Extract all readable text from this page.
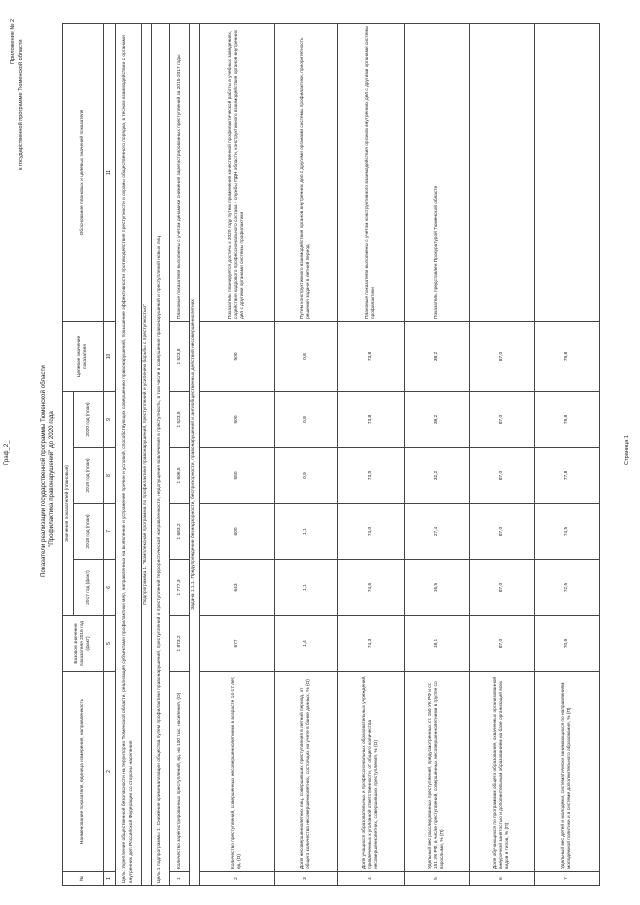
Граф_2_
Приложение № 2 к государственной программе Тюменской области
Показатели реализации государственной программы Тюменской области "Профилактика правонарушений" до 2020 года
№	Наименование показателя, единица измерения, направленность	Базовое значение показателя 2016 год (факт)	Значения показателей (плановые)				Целевое значение показателя	Обоснование плановых и целевых значений показателя
			2017 год (факт)	2018 год (план)	2019 год (план)	2020 год (план)		
1	2	5	6	7	8	9	10	11
Цель: Укрепление общественной безопасности на территории Тюменской области, реализация субъектами профилактики мер, направленных на выявление и устранение причин и условий, способствующих совершению правонарушений, повышение эффективности противодействия преступности и охраны общественного порядка, в тесном взаимодействии с органами внутренних дел Российской Федерации со стороны населения								
Подпрограмма 1. "Комплексная программа по профилактике правонарушений, преступлений и усилению борьбы с преступностью"								
Цель 1 подпрограммы 1. Снижение криминализации общества путем профилактики правонарушений, преступлений и преступлений террористической направленности, недопущения вовлечения в преступность, в том числе в совершение правонарушений и преступлений новых лиц								
1	Количество зарегистрированных преступлений, ед. на 100 тыс. населения, (О)	1 873,2	1 777,3	1 683,2	1 606,5	1 523,9	1 523,9	Плановые показатели выполнены с учетом динамики снижения зарегистрированных преступлений за 2015-2017 годы
Задача 1.1.1. Предупреждение безнадзорности, беспризорности, правонарушений и антиобщественных действий несовершеннолетних								
2	Количество преступлений, совершенных несовершеннолетними в возрасте 14-17 лет, ед. (О)	677	643	600	550	500	500	Показатель планируется достичь к 2020 году путем применения качественной профилактической работы в учебных заведениях, содействия кадрового профессионального состава - службы ПДН области, конструктивного взаимодействия органов внутренних дел с другими органами системы профилактики
3	Доля несовершеннолетних лиц, совершивших преступления в летний период, от общего количества несовершеннолетних, состоящих на учете в банке данных, % (О)	1,4	1,1	1,1	0,9	0,8	0,8	Путем конструктивного взаимодействия органов внутренних дел с другими органами системы профилактики, приоритетность решения задачи в летний период
4	Доля учащихся образовательных и профессиональных образовательных учреждений, привлеченных к уголовной ответственности, от общего количества несовершеннолетних, совершивших преступления, % (О)	74,3	74,6	74,0	73,9	73,8	73,8	Плановые показатели выполнены с учетом конструктивного взаимодействия органов внутренних дел с другими органами системы профилактики
5	Удельный вес расследованных преступлений, предусмотренных ст. 150 УК РФ и ст. 151 УК РФ, в числе преступлений, совершенных несовершеннолетними в группе со взрослыми, % (П)	18,1	16,5	27,4	32,2	38,2	38,2	Показатель представлен Прокуратурой Тюменской области
6	Доля обучающихся по программам общего образования, охваченных организованной внеурочной занятостью и дополнительным образованием на базе организаций всех видов и типов, % (П)	87,0	87,0	87,0	87,0	87,0	87,0	
7	Удельный вес детей и молодежи, систематически занимающихся по направлениям молодежной политики и в системе дополнительного образования, % (П)	70,9	72,5	74,5	77,8	79,8	79,8	
Страница 1
